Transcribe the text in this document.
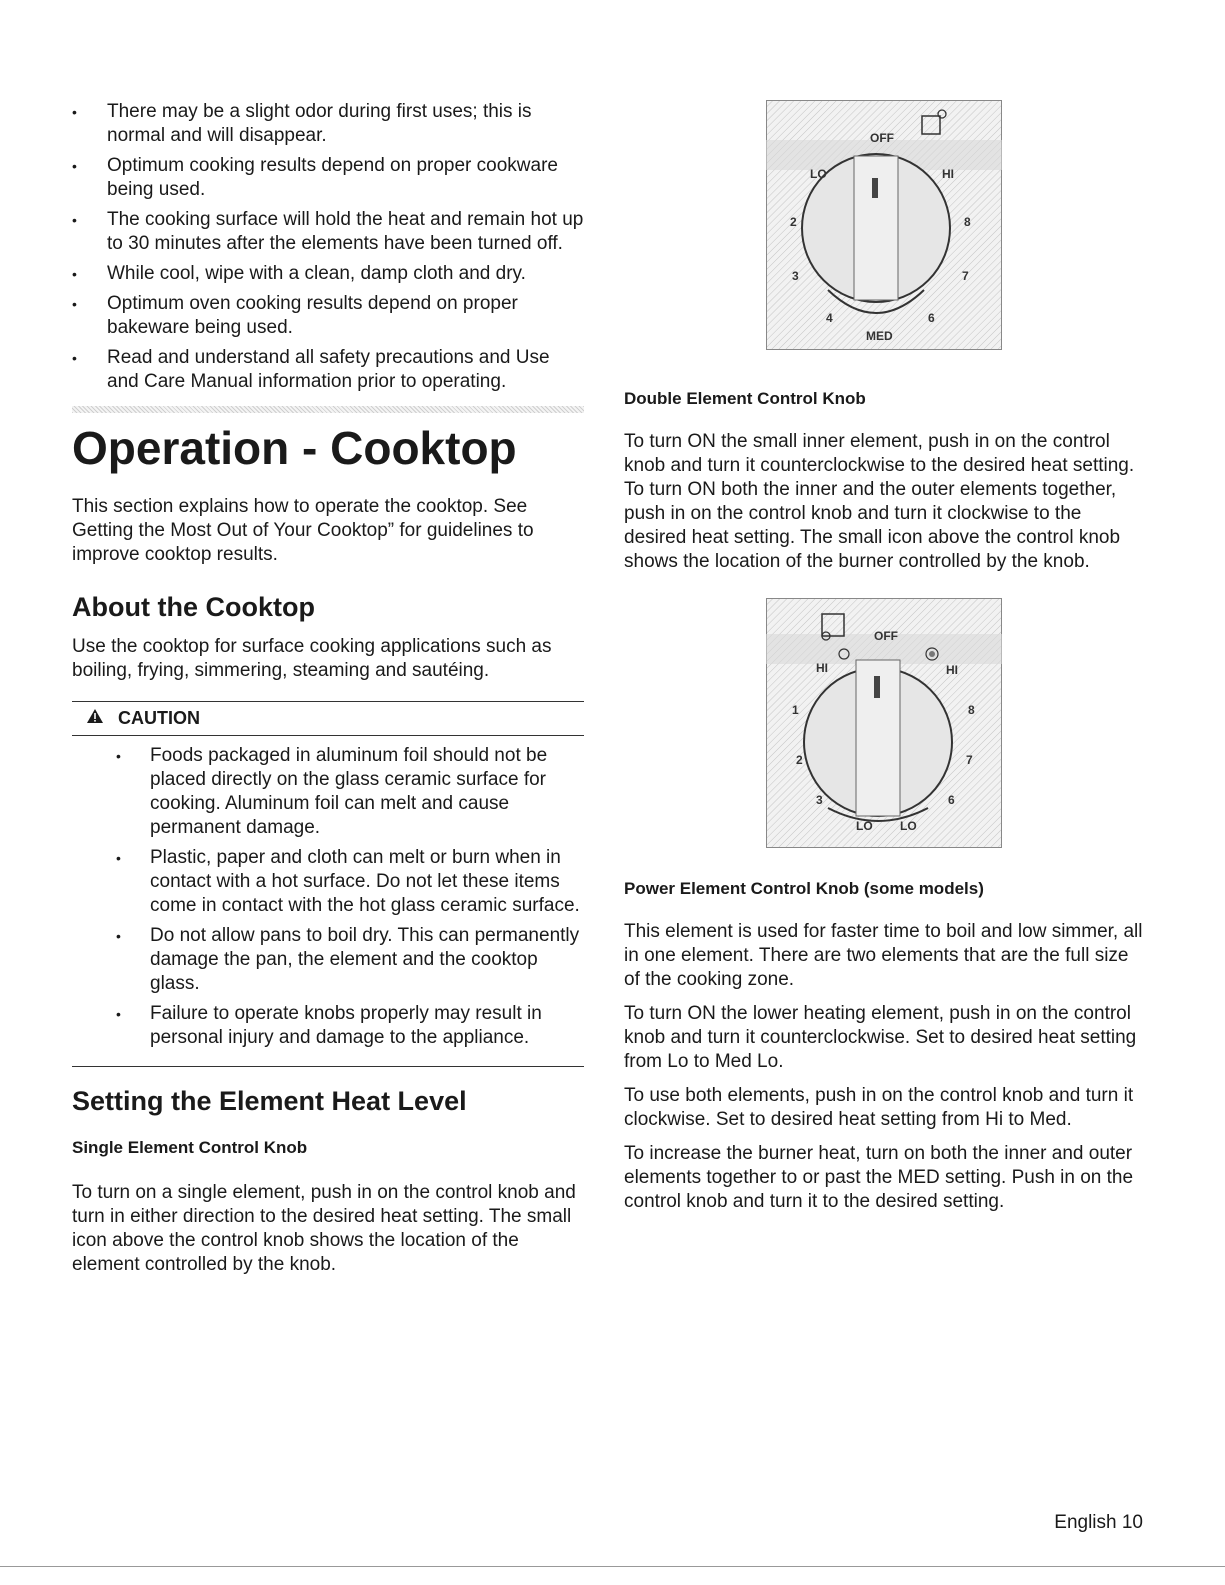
• There may be a slight odor during first uses; this is normal and will disappear.
• Optimum cooking results depend on proper cookware being used.
• The cooking surface will hold the heat and remain hot up to 30 minutes after the elements have been turned off.
• While cool, wipe with a clean, damp cloth and dry.
• Optimum oven cooking results depend on proper bakeware being used.
• Read and understand all safety precautions and Use and Care Manual information prior to operating.
Operation - Cooktop

This section explains how to operate the cooktop. See Getting the Most Out of Your Cooktop” for guidelines to improve cooktop results.

About the Cooktop

Use the cooktop for surface cooking applications such as boiling, frying, simmering, steaming and sautéing.

CAUTION
• Foods packaged in aluminum foil should not be placed directly on the glass ceramic surface for cooking. Aluminum foil can melt and cause permanent damage.
• Plastic, paper and cloth can melt or burn when in contact with a hot surface. Do not let these items come in contact with the hot glass ceramic surface.
• Do not allow pans to boil dry. This can permanently damage the pan, the element and the cooktop glass.
• Failure to operate knobs properly may result in personal injury and damage to the appliance.
Setting the Element Heat Level
Single Element Control Knob

To turn on a single element, push in on the control knob and turn in either direction to the desired heat setting. The small icon above the control knob shows the location of the element controlled by the knob.

OFF
LO	HI
2
3
4
MED
6
7
8
Double Element Control Knob

To turn ON the small inner element, push in on the control knob and turn it counterclockwise to the desired heat setting. To turn ON both the inner and the outer elements together, push in on the control knob and turn it clockwise to the desired heat setting. The small icon above the control knob shows the location of the burner controlled by the knob.

OFF
HI	HI
1
2
3
LO LO
6
7
8
Power Element Control Knob (some models)

This element is used for faster time to boil and low simmer, all in one element. There are two elements that are the full size of the cooking zone.

To turn ON the lower heating element, push in on the control knob and turn it counterclockwise. Set to desired heat setting from Lo to Med Lo.

To use both elements, push in on the control knob and turn it clockwise. Set to desired heat setting from Hi to Med.

To increase the burner heat, turn on both the inner and outer elements together to or past the MED setting. Push in on the control knob and turn it to the desired setting.

English 10
